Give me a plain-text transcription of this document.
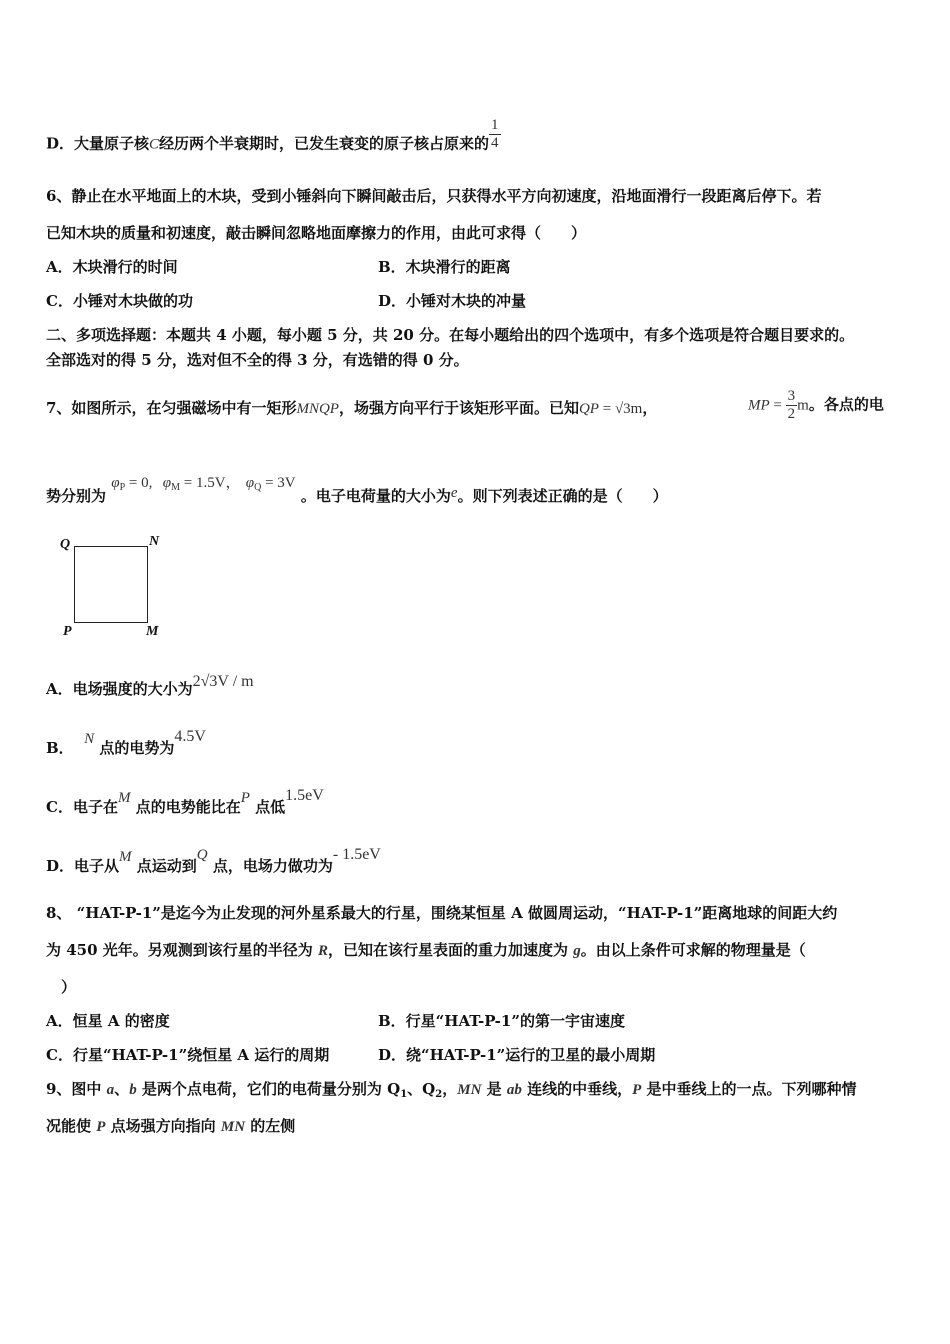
D．大量原子核C经历两个半衰期时，已发生衰变的原子核占原来的 $\frac{1}{4}$
6、静止在水平地面上的木块，受到小锤斜向下瞬间敲击后，只获得水平方向初速度，沿地面滑行一段距离后停下。若
已知木块的质量和初速度，敲击瞬间忽略地面摩擦力的作用，由此可求得（　　）
A．木块滑行的时间	B．木块滑行的距离
C．小锤对木块做的功	D．小锤对木块的冲量
二、多项选择题：本题共 4 小题，每小题 5 分，共 20 分。在每小题给出的四个选项中，有多个选项是符合题目要求的。
全部选对的得 5 分，选对但不全的得 3 分，有选错的得 0 分。
7、如图所示，在匀强磁场中有一矩形MNQP，场强方向平行于该矩形平面。已知QP = √3m，	MP = $\frac{3}{2}$ m。各点的电
势分别为 $\varphi_P = 0$, $\varphi_M = 1.5V$， $\varphi_Q = 3V$ 。电子电荷量的大小为e。则下列表述正确的是（　　）
Q	N
P	M
A．电场强度的大小为2√3V / m
B． N 点的电势为4.5V
C．电子在M 点的电势能比在P 点低1.5eV
D．电子从M 点运动到Q 点，电场力做功为- 1.5eV
8、 “HAT-P-1”是迄今为止发现的河外星系最大的行星，围绕某恒星 A 做圆周运动，“HAT-P-1”距离地球的间距大约
为 450 光年。另观测到该行星的半径为 R，已知在该行星表面的重力加速度为 g。由以上条件可求解的物理量是（
　）
A．恒星 A 的密度	B．行星“HAT-P-1”的第一宇宙速度
C．行星“HAT-P-1”绕恒星 A 运行的周期	D．绕“HAT-P-1”运行的卫星的最小周期
9、图中 a、b 是两个点电荷，它们的电荷量分别为 $Q_1$、$Q_2$，MN 是 ab 连线的中垂线，P 是中垂线上的一点。下列哪种情
况能使 P 点场强方向指向 MN 的左侧
